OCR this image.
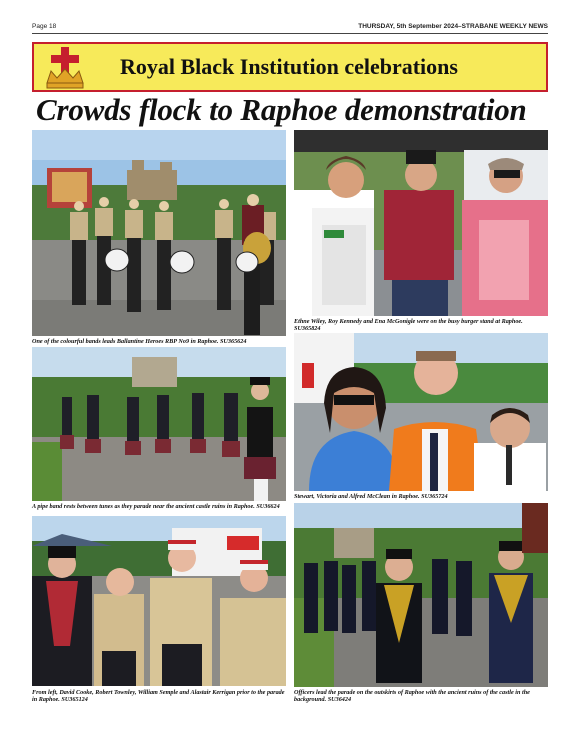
Page 18	THURSDAY, 5th September 2024–STRABANE WEEKLY NEWS
Royal Black Institution celebrations
Crowds flock to Raphoe demonstration
One of the colourful bands leads Ballantine Heroes RBP No9 in Raphoe. SU365624
Ethne Wiley, Roy Kennedy and Ena McGonigle were on the busy burger stand at Raphoe. SU365824
A pipe band rests between tunes as they parade near the ancient castle ruins in Raphoe. SU36624
Stewart, Victoria and Alfred McClean in Raphoe. SU365724
From left, David Cooke, Robert Townley, William Semple and Alastair Kerrigan prior to the parade in Raphoe. SU365124
Officers lead the parade on the outskirts of Raphoe with the ancient ruins of the castle in the background. SU36424
